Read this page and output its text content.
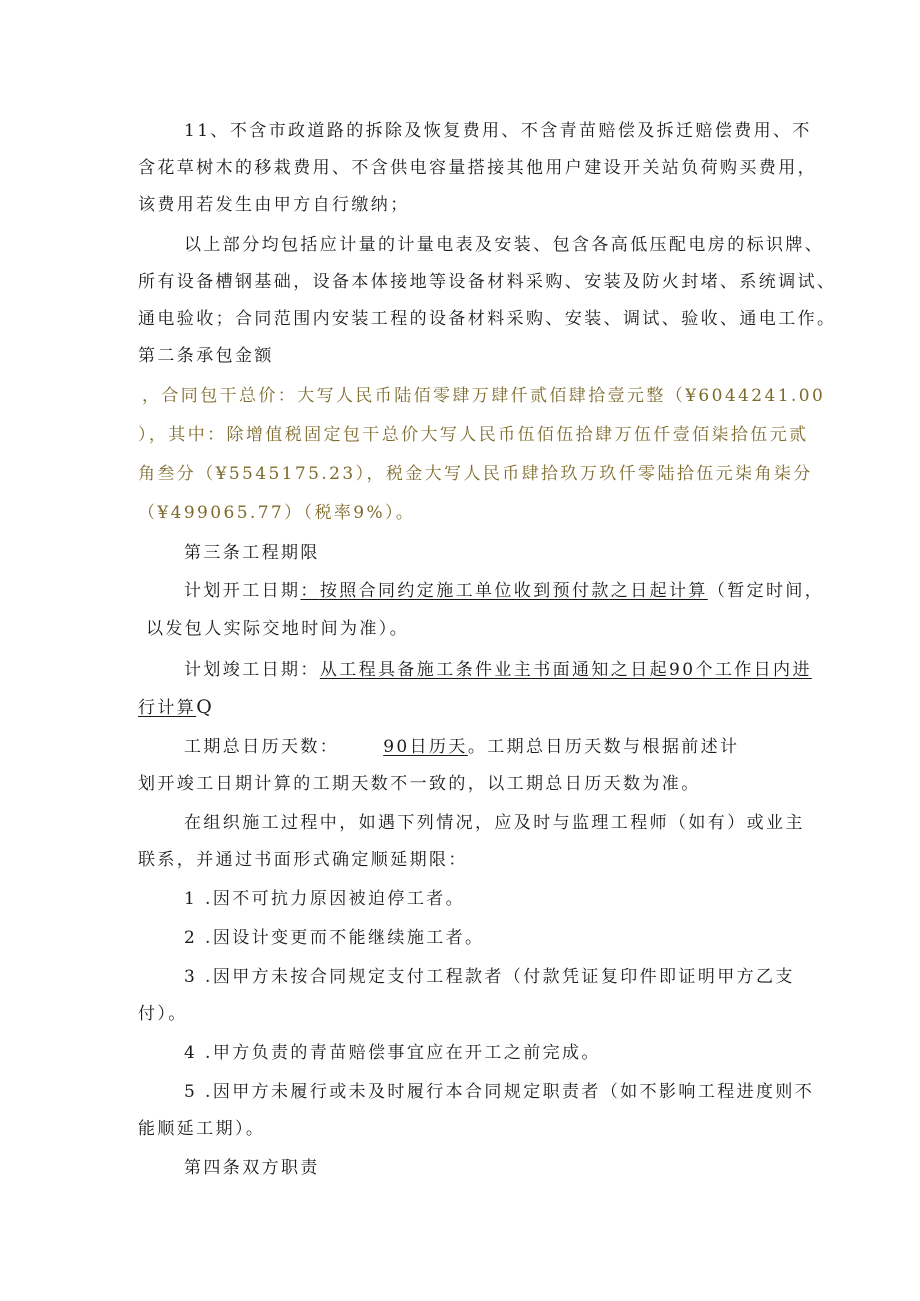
11、不含市政道路的拆除及恢复费用、不含青苗赔偿及拆迁赔偿费用、不
含花草树木的移栽费用、不含供电容量搭接其他用户建设开关站负荷购买费用，
该费用若发生由甲方自行缴纳；
以上部分均包括应计量的计量电表及安装、包含各高低压配电房的标识牌、
所有设备槽钢基础，设备本体接地等设备材料采购、安装及防火封堵、系统调试、
通电验收；合同范围内安装工程的设备材料采购、安装、调试、验收、通电工作。
第二条承包金额
，合同包干总价：大写人民币陆佰零肆万肆仟贰佰肆拾壹元整（¥6044241.00
），其中：除增值税固定包干总价大写人民币伍佰伍拾肆万伍仟壹佰柒拾伍元贰
角叁分（¥5545175.23），税金大写人民币肆拾玖万玖仟零陆拾伍元柒角柒分
（¥499065.77）（税率9%）。
第三条工程期限
计划开工日期：按照合同约定施工单位收到预付款之日起计算（暂定时间，
以发包人实际交地时间为准）。
计划竣工日期：从工程具备施工条件业主书面通知之日起90个工作日内进
行计算Q
工期总日历天数：	90日历天。工期总日历天数与根据前述计
划开竣工日期计算的工期天数不一致的，以工期总日历天数为准。
在组织施工过程中，如遇下列情况，应及时与监理工程师（如有）或业主
联系，并通过书面形式确定顺延期限：
1 .因不可抗力原因被迫停工者。
2 .因设计变更而不能继续施工者。
3 .因甲方未按合同规定支付工程款者（付款凭证复印件即证明甲方乙支
付）。
4 .甲方负责的青苗赔偿事宜应在开工之前完成。
5 .因甲方未履行或未及时履行本合同规定职责者（如不影响工程进度则不
能顺延工期）。
第四条双方职责
